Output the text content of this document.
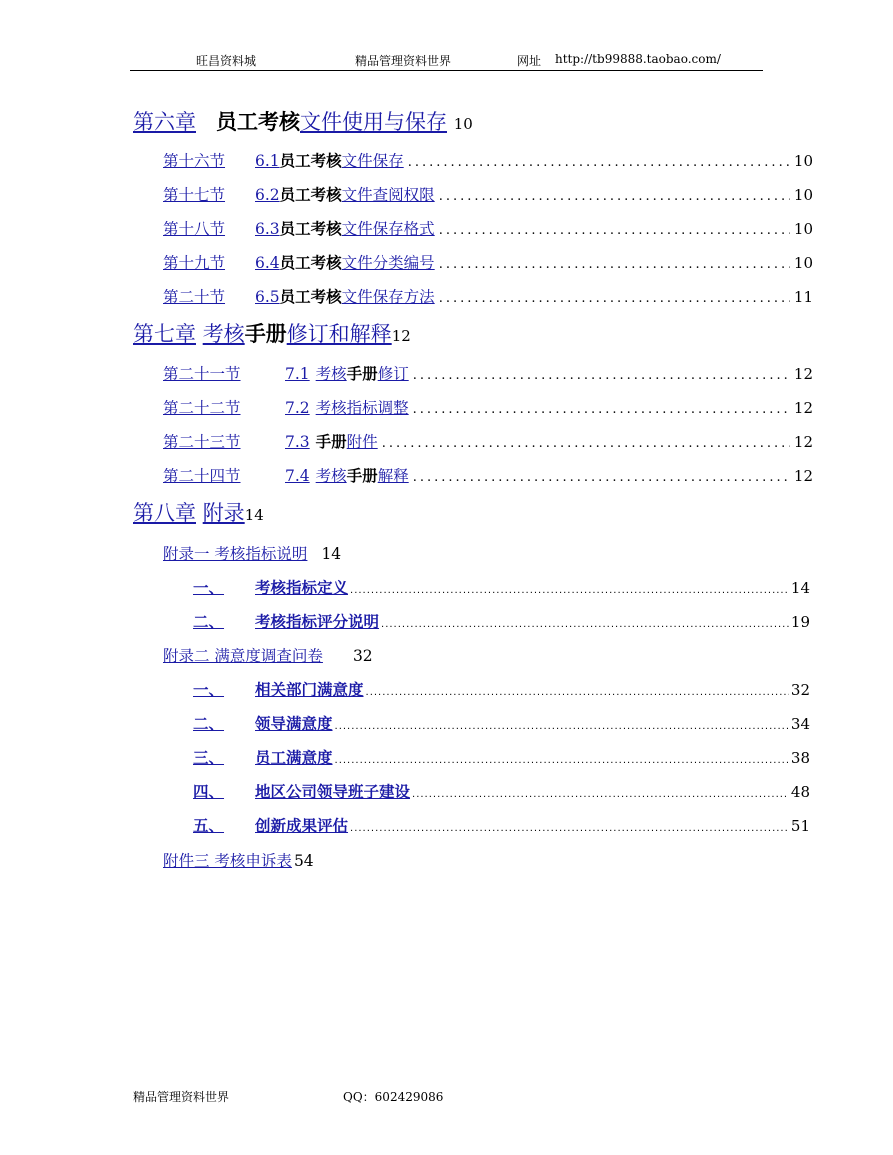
旺昌资料城	精品管理资料世界	网址 http://tb99888.taobao.com/
第六章 员工考核文件使用与保存 10
第十六节	6.1 员工考核 文件保存 .....	10
第十七节	6.2 员工考核 文件查阅权限 .....	10
第十八节	6.3 员工考核 文件保存格式 .....	10
第十九节	6.4 员工考核 文件分类编号 .....	10
第二十节	6.5 员工考核 文件保存方法 .....	11
第七章 考核手册修订和解释12
第二十一节	7.1 考核 手册 修订 .....	12
第二十二节	7.2 考核指标调整 .....	12
第二十三节	7.3 手册 附件 .....	12
第二十四节	7.4 考核 手册 解释 .....	12
第八章 附录14
附录一 考核指标说明 14
一、	考核指标定义 .....	14
二、	考核指标评分说明 .....	19
附录二 满意度调查问卷 32
一、	相关部门满意度 .....	32
二、	领导满意度 .....	34
三、	员工满意度 .....	38
四、	地区公司领导班子建设 .....	48
五、	创新成果评估 .....	51
附件三 考核申诉表 54
精品管理资料世界	QQ：602429086
